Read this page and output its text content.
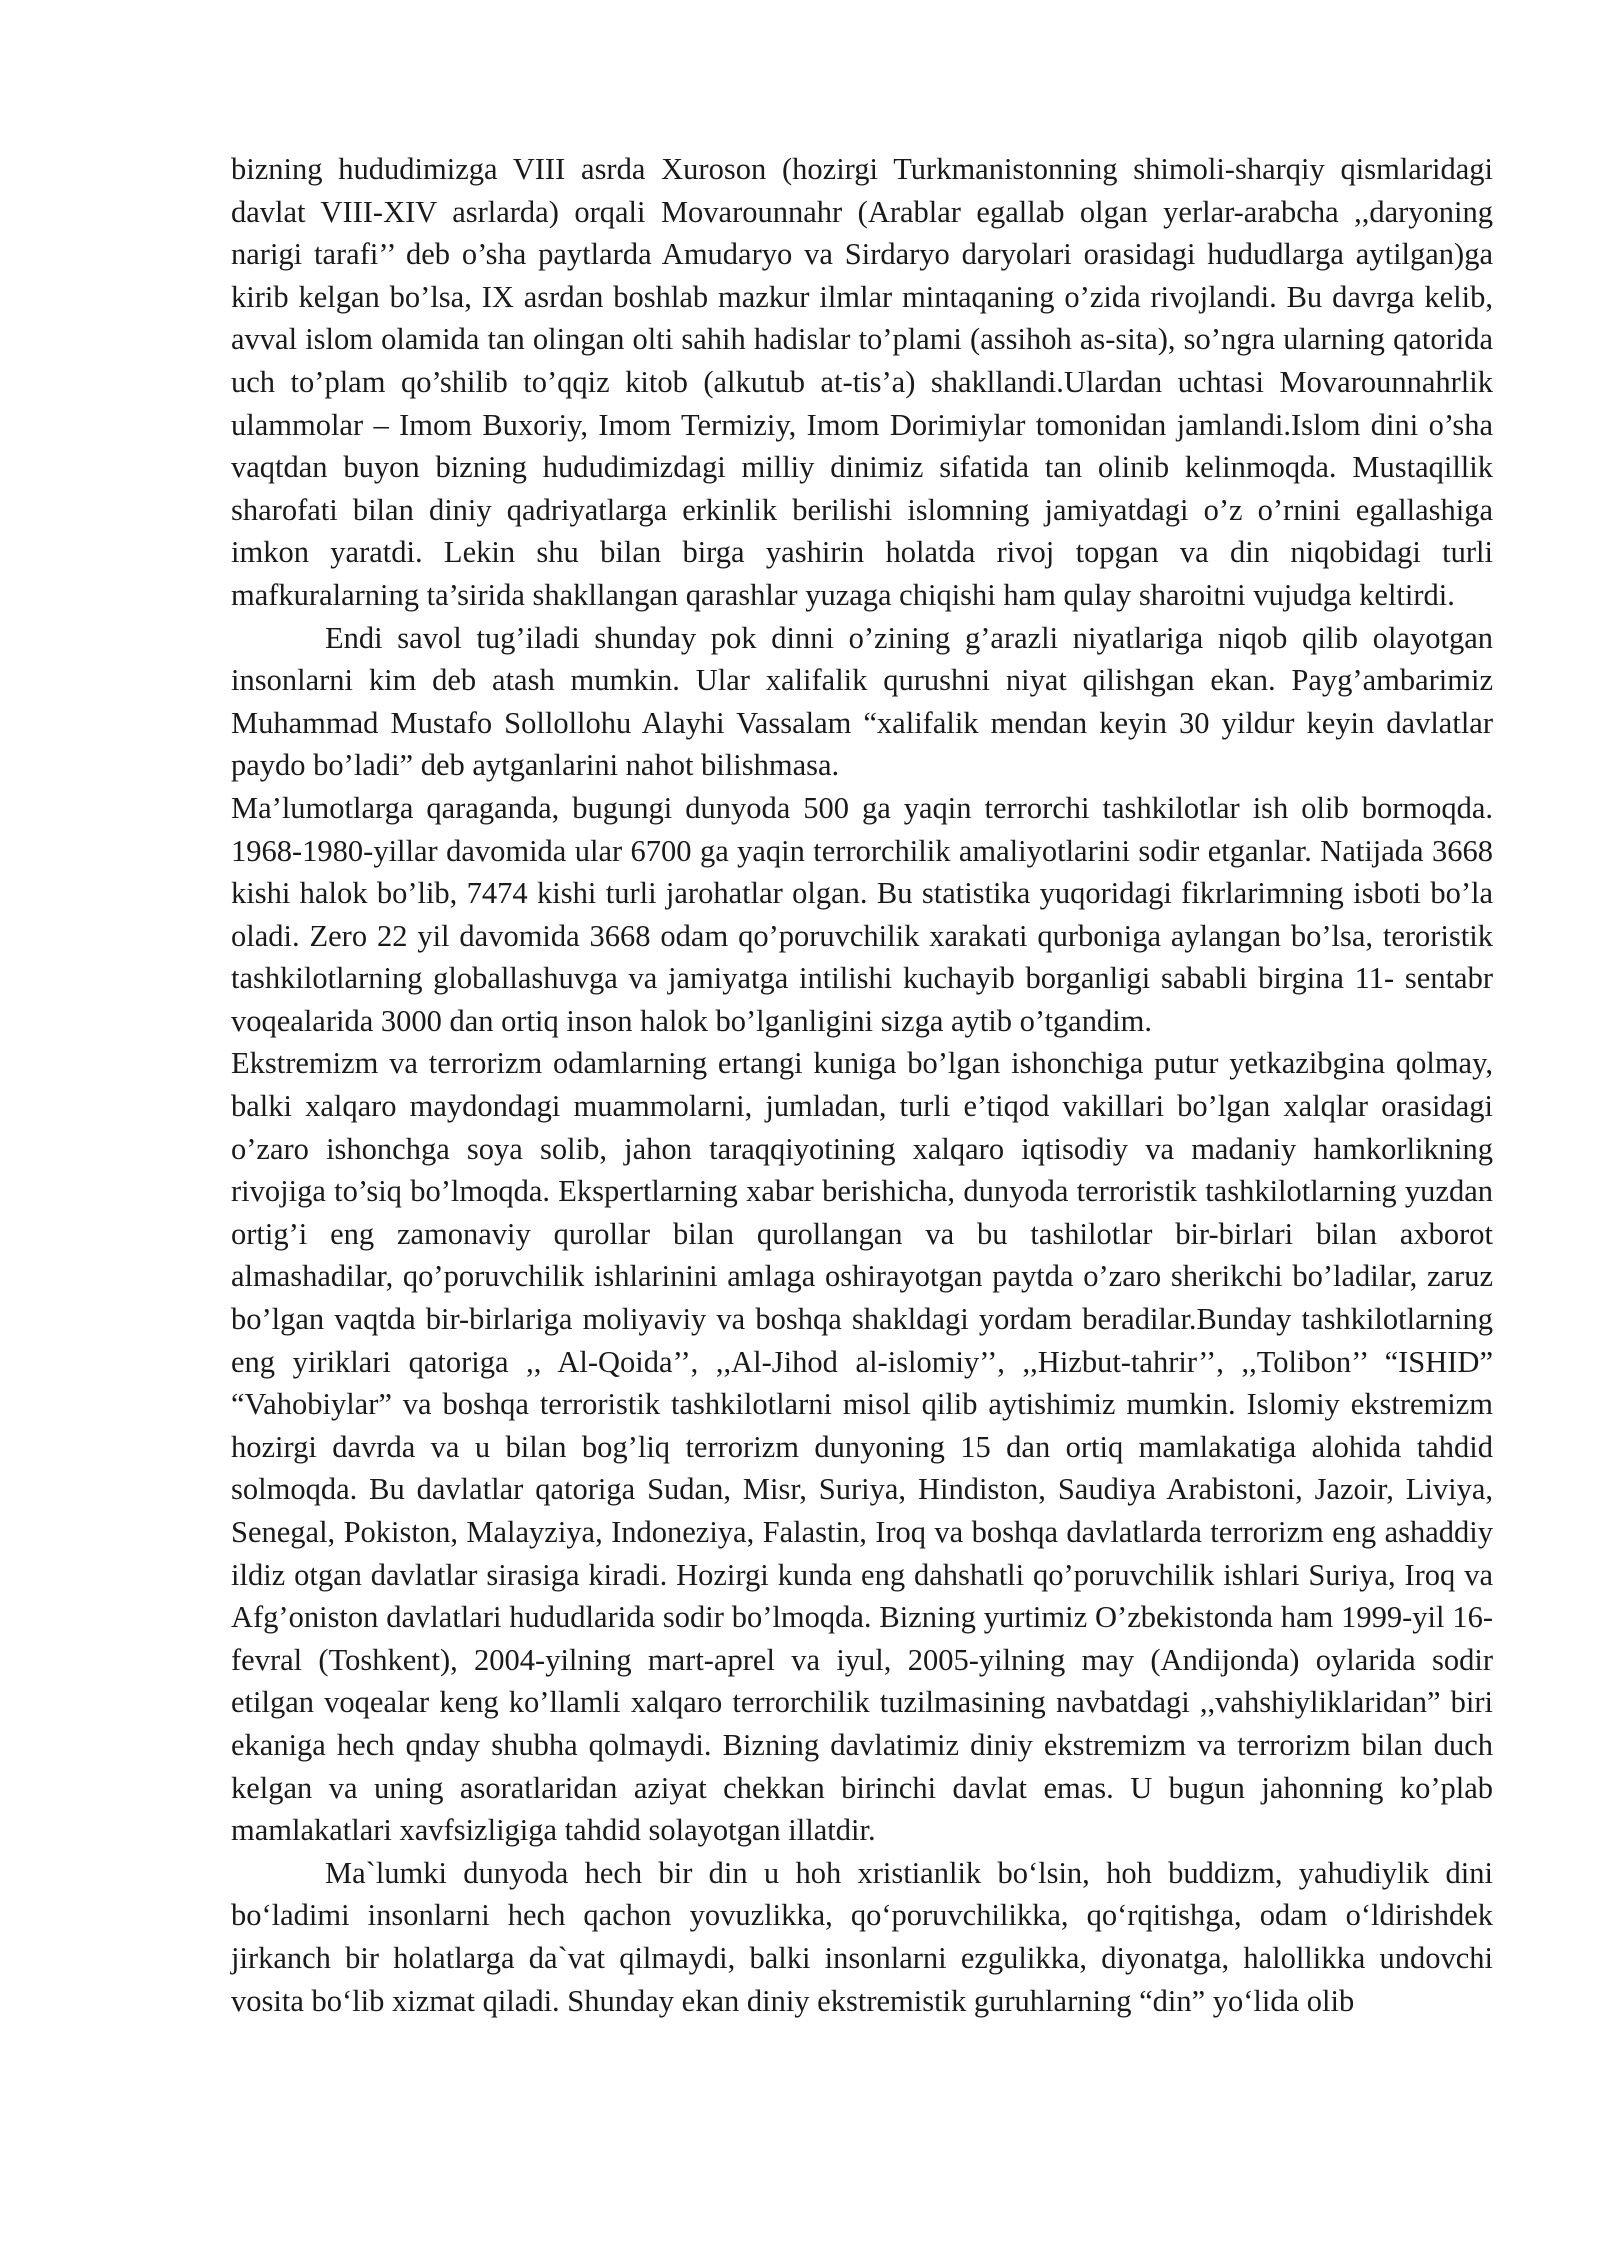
bizning hududimizga VIII asrda Xuroson (hozirgi Turkmanistonning shimoli-sharqiy qismlaridagi davlat VIII-XIV asrlarda) orqali Movarounnahr (Arablar egallab olgan yerlar-arabcha ,,daryoning narigi tarafi’’ deb o’sha paytlarda Amudaryo va Sirdaryo daryolari orasidagi hududlarga aytilgan)ga kirib kelgan bo’lsa, IX asrdan boshlab mazkur ilmlar mintaqaning o’zida rivojlandi. Bu davrga kelib, avval islom olamida tan olingan olti sahih hadislar to’plami (assihoh as-sita), so’ngra ularning qatorida uch to’plam qo’shilib to’qqiz kitob (alkutub at-tis’a) shakllandi.Ulardan uchtasi Movarounnahrlik ulammolar – Imom Buxoriy, Imom Termiziy, Imom Dorimiylar tomonidan jamlandi.Islom dini o’sha vaqtdan buyon bizning hududimizdagi milliy dinimiz sifatida tan olinib kelinmoqda. Mustaqillik sharofati bilan diniy qadriyatlarga erkinlik berilishi islomning jamiyatdagi o’z o’rnini egallashiga imkon yaratdi. Lekin shu bilan birga yashirin holatda rivoj topgan va din niqobidagi turli mafkuralarning ta’sirida shakllangan qarashlar yuzaga chiqishi ham qulay sharoitni vujudga keltirdi.

Endi savol tug’iladi shunday pok dinni o’zining g’arazli niyatlariga niqob qilib olayotgan insonlarni kim deb atash mumkin. Ular xalifalik qurushni niyat qilishgan ekan. Payg’ambarimiz Muhammad Mustafo Sollollohu Alayhi Vassalam “xalifalik mendan keyin 30 yildur keyin davlatlar paydo bo’ladi” deb aytganlarini nahot bilishmasa.

Ma’lumotlarga qaraganda, bugungi dunyoda 500 ga yaqin terrorchi tashkilotlar ish olib bormoqda. 1968-1980-yillar davomida ular 6700 ga yaqin terrorchilik amaliyotlarini sodir etganlar. Natijada 3668 kishi halok bo’lib, 7474 kishi turli jarohatlar olgan. Bu statistika yuqoridagi fikrlarimning isboti bo’la oladi. Zero 22 yil davomida 3668 odam qo’poruvchilik xarakati qurboniga aylangan bo’lsa, teroristik tashkilotlarning globallashuvga va jamiyatga intilishi kuchayib borganligi sababli birgina 11- sentabr voqealarida 3000 dan ortiq inson halok bo’lganligini sizga aytib o’tgandim.

Ekstremizm va terrorizm odamlarning ertangi kuniga bo’lgan ishonchiga putur yetkazibgina qolmay, balki xalqaro maydondagi muammolarni, jumladan, turli e’tiqod vakillari bo’lgan xalqlar orasidagi o’zaro ishonchga soya solib, jahon taraqqiyotining xalqaro iqtisodiy va madaniy hamkorlikning rivojiga to’siq bo’lmoqda. Ekspertlarning xabar berishicha, dunyoda terroristik tashkilotlarning yuzdan ortig’i eng zamonaviy qurollar bilan qurollangan va bu tashilotlar bir-birlari bilan axborot almashadilar, qo’poruvchilik ishlarinini amlaga oshirayotgan paytda o’zaro sherikchi bo’ladilar, zaruz bo’lgan vaqtda bir-birlariga moliyaviy va boshqa shakldagi yordam beradilar.Bunday tashkilotlarning eng yiriklari qatoriga ,, Al-Qoida’’, ,,Al-Jihod al-islomiy’’, ,,Hizbut-tahrir’’, ,,Tolibon’’ “ISHID” “Vahobiylar” va boshqa terroristik tashkilotlarni misol qilib aytishimiz mumkin. Islomiy ekstremizm hozirgi davrda va u bilan bog’liq terrorizm dunyoning 15 dan ortiq mamlakatiga alohida tahdid solmoqda. Bu davlatlar qatoriga Sudan, Misr, Suriya, Hindiston, Saudiya Arabistoni, Jazoir, Liviya, Senegal, Pokiston, Malayziya, Indoneziya, Falastin, Iroq va boshqa davlatlarda terrorizm eng ashaddiy ildiz otgan davlatlar sirasiga kiradi. Hozirgi kunda eng dahshatli qo’poruvchilik ishlari Suriya, Iroq va Afg’oniston davlatlari hududlarida sodir bo’lmoqda. Bizning yurtimiz O’zbekistonda ham 1999-yil 16-fevral (Toshkent), 2004-yilning mart-aprel va iyul, 2005-yilning may (Andijonda) oylarida sodir etilgan voqealar keng ko’llamli xalqaro terrorchilik tuzilmasining navbatdagi ,,vahshiyliklaridan” biri ekaniga hech qnday shubha qolmaydi. Bizning davlatimiz diniy ekstremizm va terrorizm bilan duch kelgan va uning asoratlaridan aziyat chekkan birinchi davlat emas. U bugun jahonning ko’plab mamlakatlari xavfsizligiga tahdid solayotgan illatdir.

Ma`lumki dunyoda hech bir din u hoh xristianlik bo‘lsin, hoh buddizm, yahudiylik dini bo‘ladimi insonlarni hech qachon yovuzlikka, qo‘poruvchilikka, qo‘rqitishga, odam o‘ldirishdek jirkanch bir holatlarga da`vat qilmaydi, balki insonlarni ezgulikka, diyonatga, halollikka undovchi vosita bo‘lib xizmat qiladi. Shunday ekan diniy ekstremistik guruhlarning “din” yo‘lida olib
